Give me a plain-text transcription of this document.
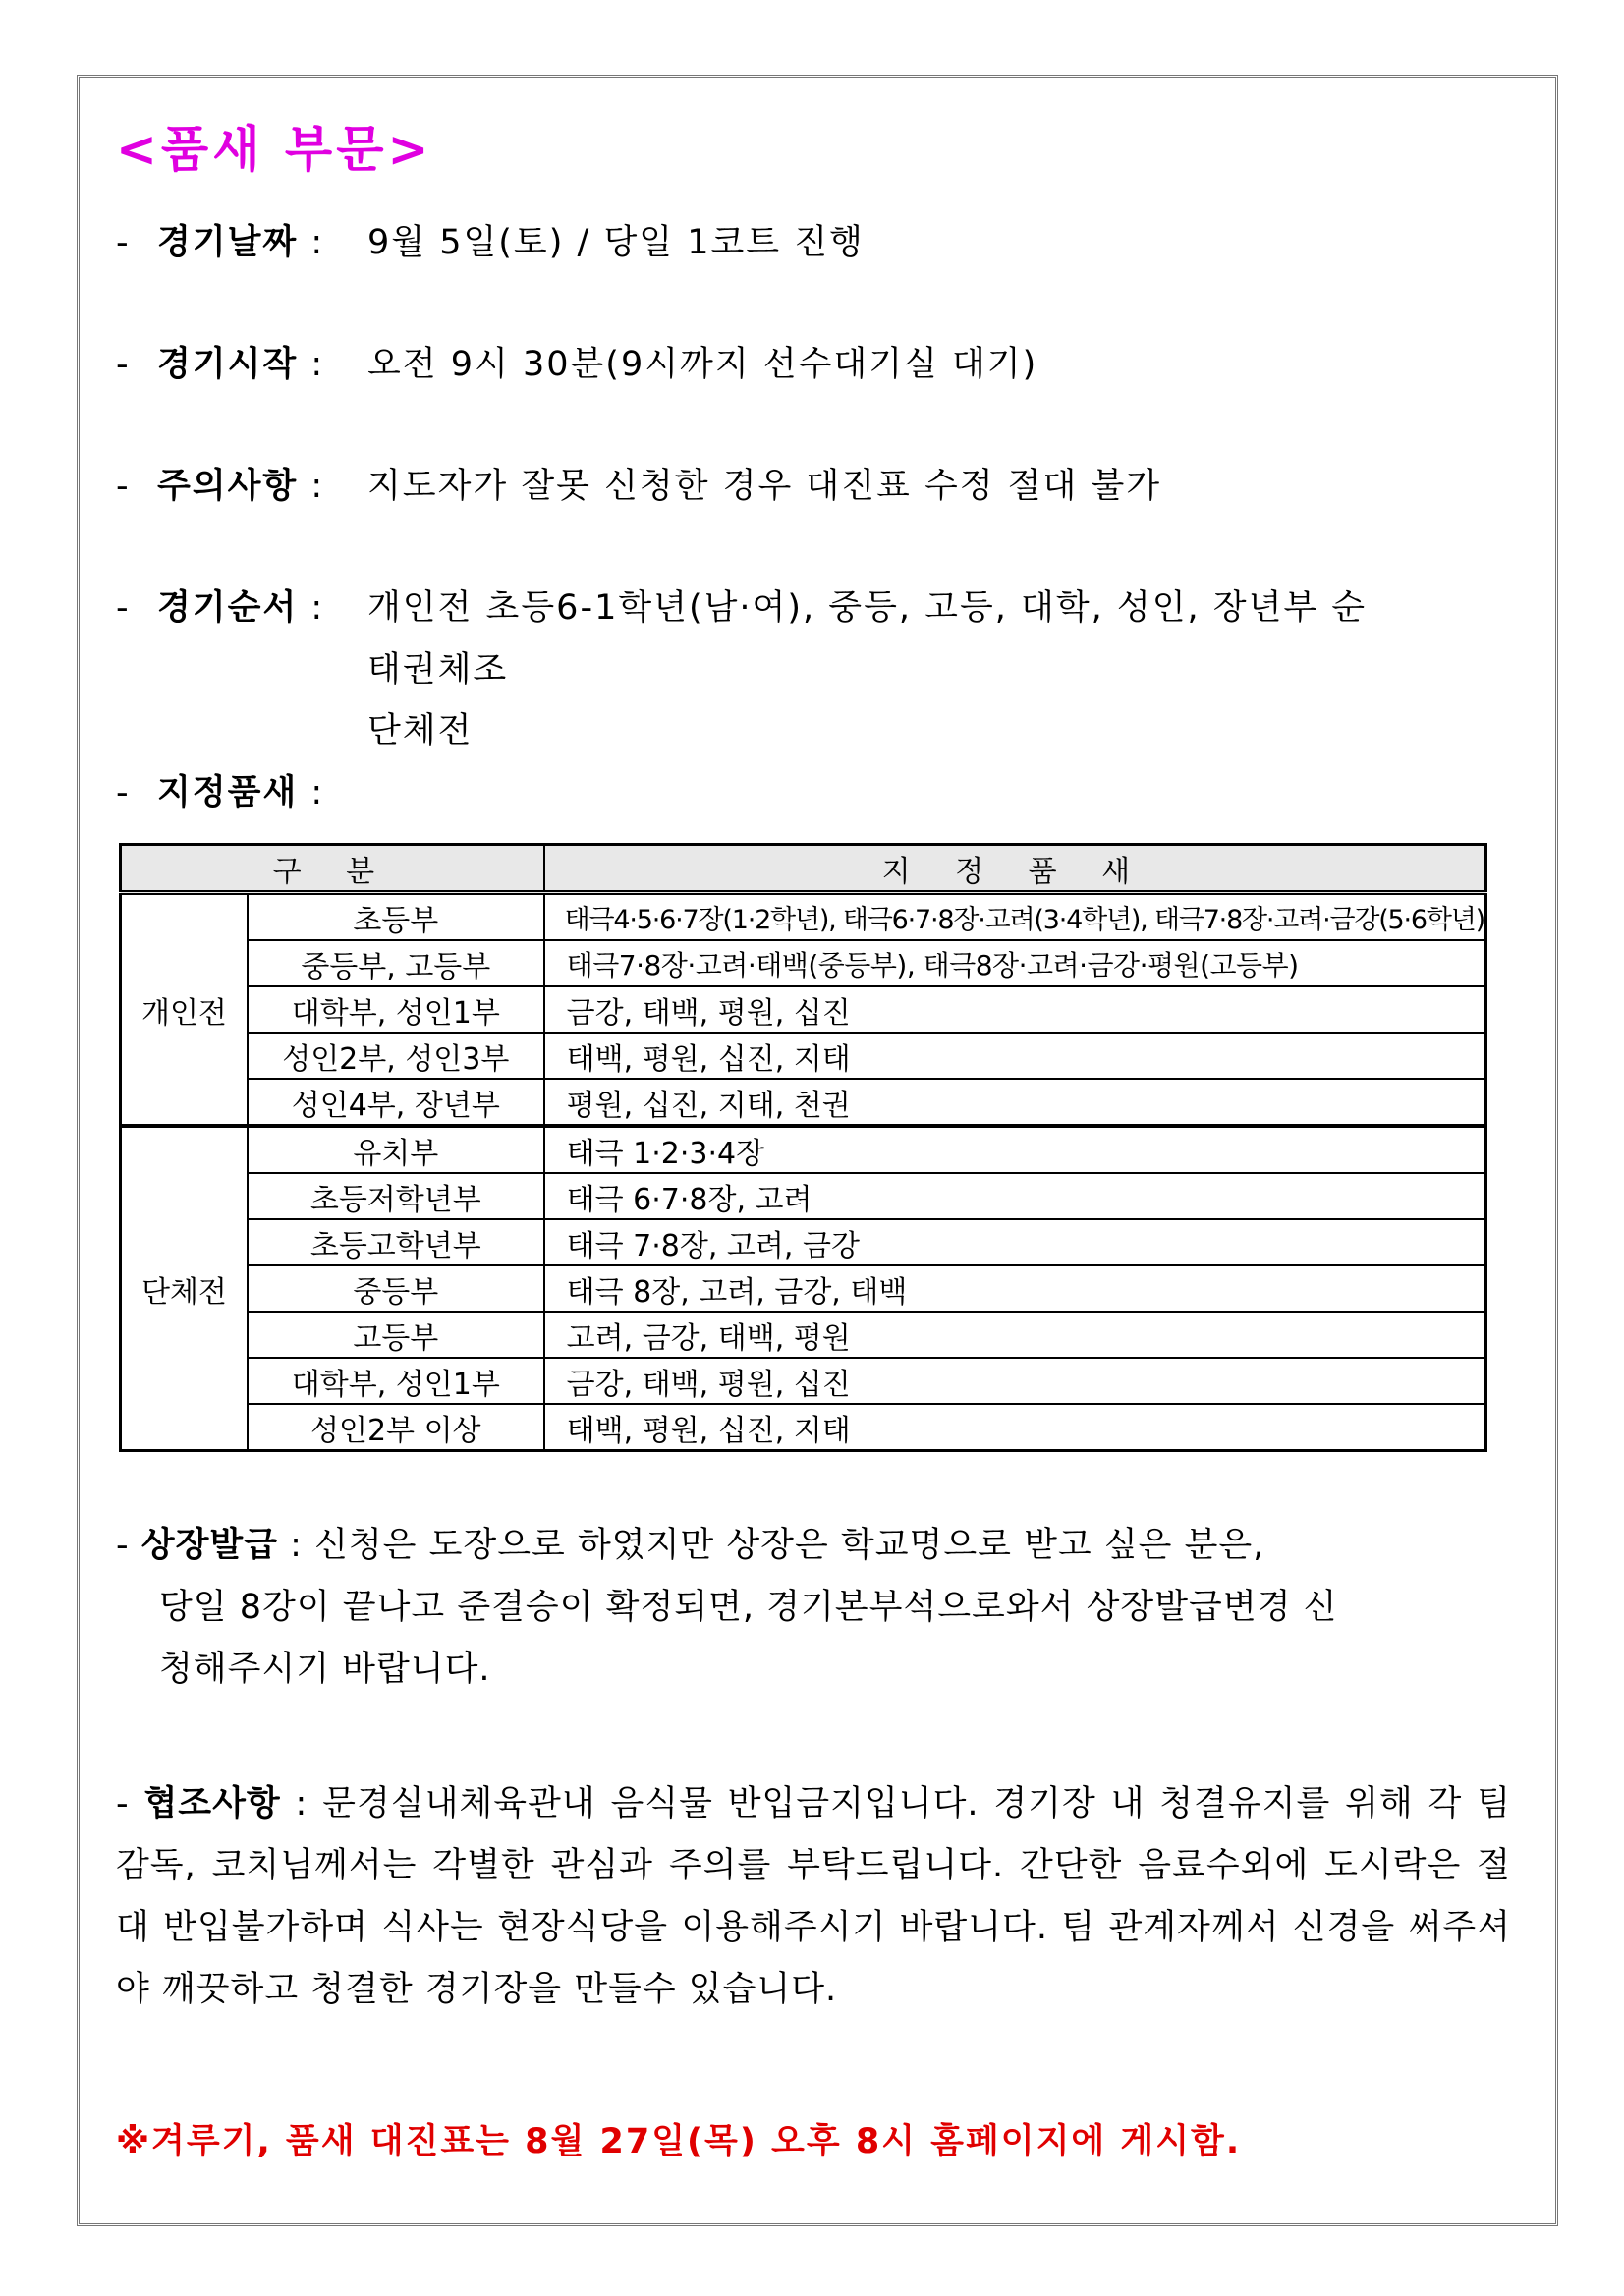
<품새 부문>
- 경기날짜 : 9월 5일(토) / 당일 1코트 진행
- 경기시작 : 오전 9시 30분(9시까지 선수대기실 대기)
- 주의사항 : 지도자가 잘못 신청한 경우 대진표 수정 절대 불가
- 경기순서 : 개인전 초등6-1학년(남·여), 중등, 고등, 대학, 성인, 장년부 순
태권체조
단체전
- 지정품새 :
구 분		지 정 품 새
개인전	초등부	태극4·5·6·7장(1·2학년), 태극6·7·8장·고려(3·4학년), 태극7·8장·고려·금강(5·6학년)
	중등부, 고등부	태극7·8장·고려·태백(중등부), 태극8장·고려·금강·평원(고등부)
	대학부, 성인1부	금강, 태백, 평원, 십진
	성인2부, 성인3부	태백, 평원, 십진, 지태
	성인4부, 장년부	평원, 십진, 지태, 천권
단체전	유치부	태극 1·2·3·4장
	초등저학년부	태극 6·7·8장, 고려
	초등고학년부	태극 7·8장, 고려, 금강
	중등부	태극 8장, 고려, 금강, 태백
	고등부	고려, 금강, 태백, 평원
	대학부, 성인1부	금강, 태백, 평원, 십진
	성인2부 이상	태백, 평원, 십진, 지태
- 상장발급 : 신청은 도장으로 하였지만 상장은 학교명으로 받고 싶은 분은,
당일 8강이 끝나고 준결승이 확정되면, 경기본부석으로와서 상장발급변경 신
청해주시기 바랍니다.
- 협조사항 : 문경실내체육관내 음식물 반입금지입니다. 경기장 내 청결유지를 위해 각 팀 감독, 코치님께서는 각별한 관심과 주의를 부탁드립니다. 간단한 음료수외에 도시락은 절대 반입불가하며 식사는 현장식당을 이용해주시기 바랍니다. 팀 관계자께서 신경을 써주셔야 깨끗하고 청결한 경기장을 만들수 있습니다.
※겨루기, 품새 대진표는 8월 27일(목) 오후 8시 홈페이지에 게시함.
